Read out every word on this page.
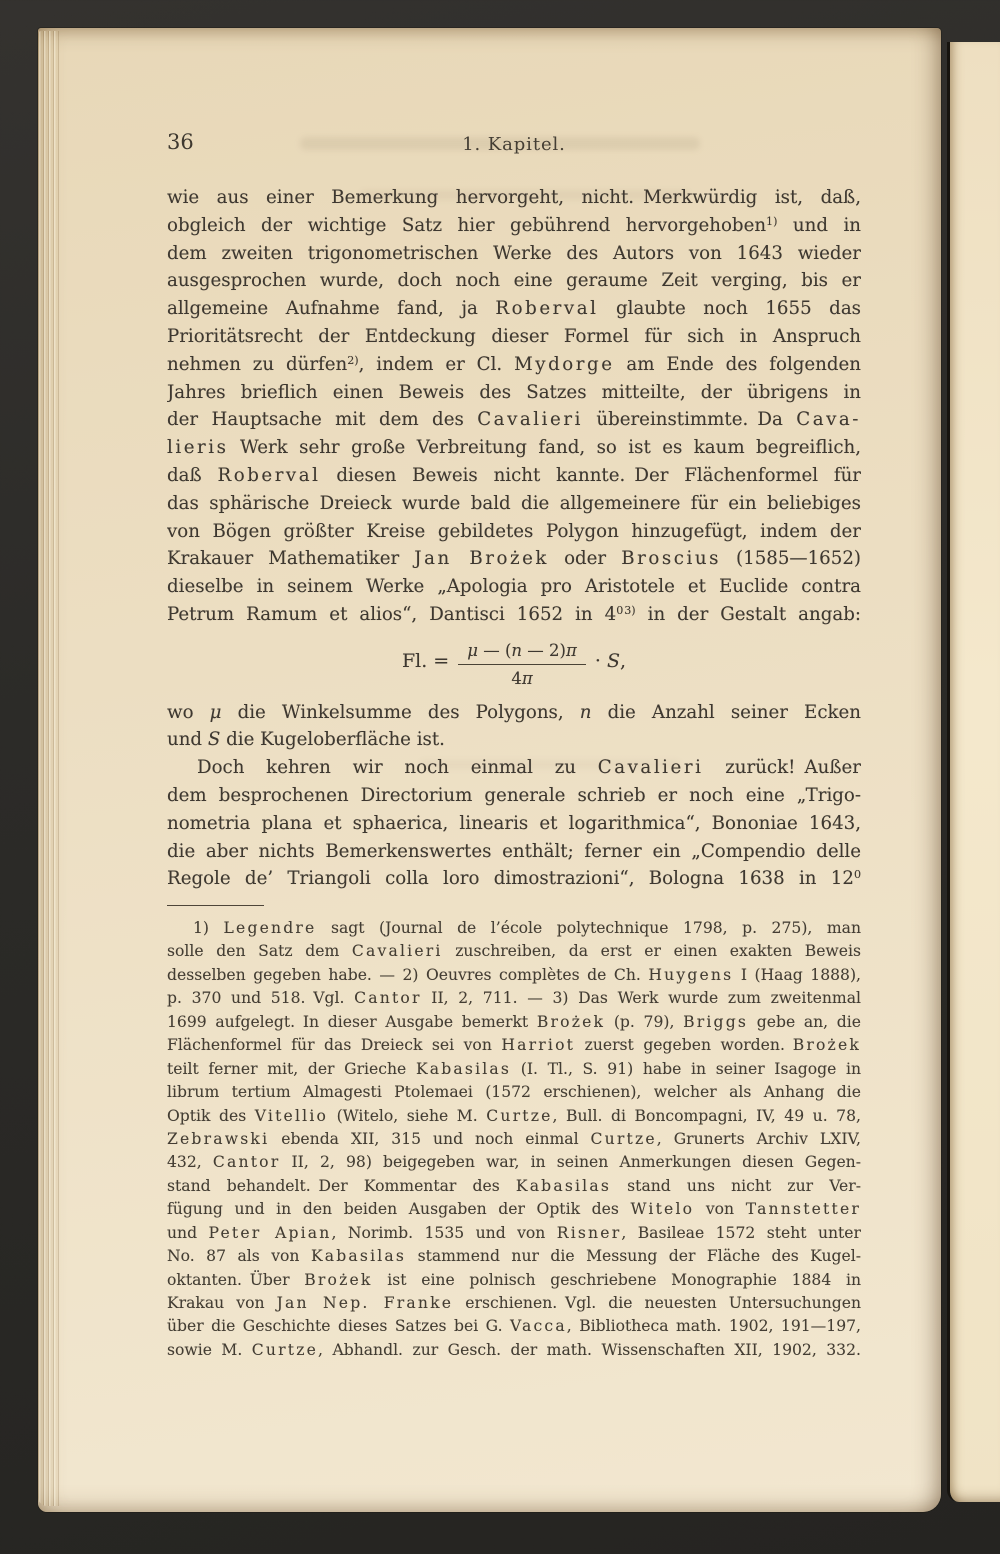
36	1. Kapitel.
wie aus einer Bemerkung hervorgeht, nicht. Merkwürdig ist, daß,
obgleich der wichtige Satz hier gebührend hervorgehoben$^{1)}$ und in
dem zweiten trigonometrischen Werke des Autors von 1643 wieder
ausgesprochen wurde, doch noch eine geraume Zeit verging, bis er
allgemeine Aufnahme fand, ja Roberval glaubte noch 1655 das
Prioritätsrecht der Entdeckung dieser Formel für sich in Anspruch
nehmen zu dürfen$^{2)}$, indem er Cl. Mydorge am Ende des folgenden
Jahres brieflich einen Beweis des Satzes mitteilte, der übrigens in
der Hauptsache mit dem des Cavalieri übereinstimmte. Da Cava-
lieris Werk sehr große Verbreitung fand, so ist es kaum begreiflich,
daß Roberval diesen Beweis nicht kannte. Der Flächenformel für
das sphärische Dreieck wurde bald die allgemeinere für ein beliebiges
von Bögen größter Kreise gebildetes Polygon hinzugefügt, indem der
Krakauer Mathematiker Jan Brożek oder Broscius (1585—1652)
dieselbe in seinem Werke „Apologia pro Aristotele et Euclide contra
Petrum Ramum et alios“, Dantisci 1652 in 4$^{03)}$ in der Gestalt angab:
Fl. = $\frac{\mu — (n — 2)\pi}{4\pi} \cdot S$,
wo μ die Winkelsumme des Polygons, n die Anzahl seiner Ecken
und S die Kugeloberfläche ist.
Doch kehren wir noch einmal zu Cavalieri zurück! Außer
dem besprochenen Directorium generale schrieb er noch eine „Trigo-
nometria plana et sphaerica, linearis et logarithmica“, Bononiae 1643,
die aber nichts Bemerkenswertes enthält; ferner ein „Compendio delle
Regole de’ Triangoli colla loro dimostrazioni“, Bologna 1638 in $12^0$
1) Legendre sagt (Journal de l’école polytechnique 1798, p. 275), man
solle den Satz dem Cavalieri zuschreiben, da erst er einen exakten Beweis
desselben gegeben habe. — 2) Oeuvres complètes de Ch. Huygens I (Haag 1888),
p. 370 und 518. Vgl. Cantor II, 2, 711. — 3) Das Werk wurde zum zweitenmal
1699 aufgelegt. In dieser Ausgabe bemerkt Brożek (p. 79), Briggs gebe an, die
Flächenformel für das Dreieck sei von Harriot zuerst gegeben worden. Brożek
teilt ferner mit, der Grieche Kabasilas (I. Tl., S. 91) habe in seiner Isagoge in
librum tertium Almagesti Ptolemaei (1572 erschienen), welcher als Anhang die
Optik des Vitellio (Witelo, siehe M. Curtze, Bull. di Boncompagni, IV, 49 u. 78,
Zebrawski ebenda XII, 315 und noch einmal Curtze, Grunerts Archiv LXIV,
432, Cantor II, 2, 98) beigegeben war, in seinen Anmerkungen diesen Gegen-
stand behandelt. Der Kommentar des Kabasilas stand uns nicht zur Ver-
fügung und in den beiden Ausgaben der Optik des Witelo von Tannstetter
und Peter Apian, Norimb. 1535 und von Risner, Basileae 1572 steht unter
No. 87 als von Kabasilas stammend nur die Messung der Fläche des Kugel-
oktanten. Über Brożek ist eine polnisch geschriebene Monographie 1884 in
Krakau von Jan Nep. Franke erschienen. Vgl. die neuesten Untersuchungen
über die Geschichte dieses Satzes bei G. Vacca, Bibliotheca math. 1902, 191—197,
sowie M. Curtze, Abhandl. zur Gesch. der math. Wissenschaften XII, 1902, 332.
